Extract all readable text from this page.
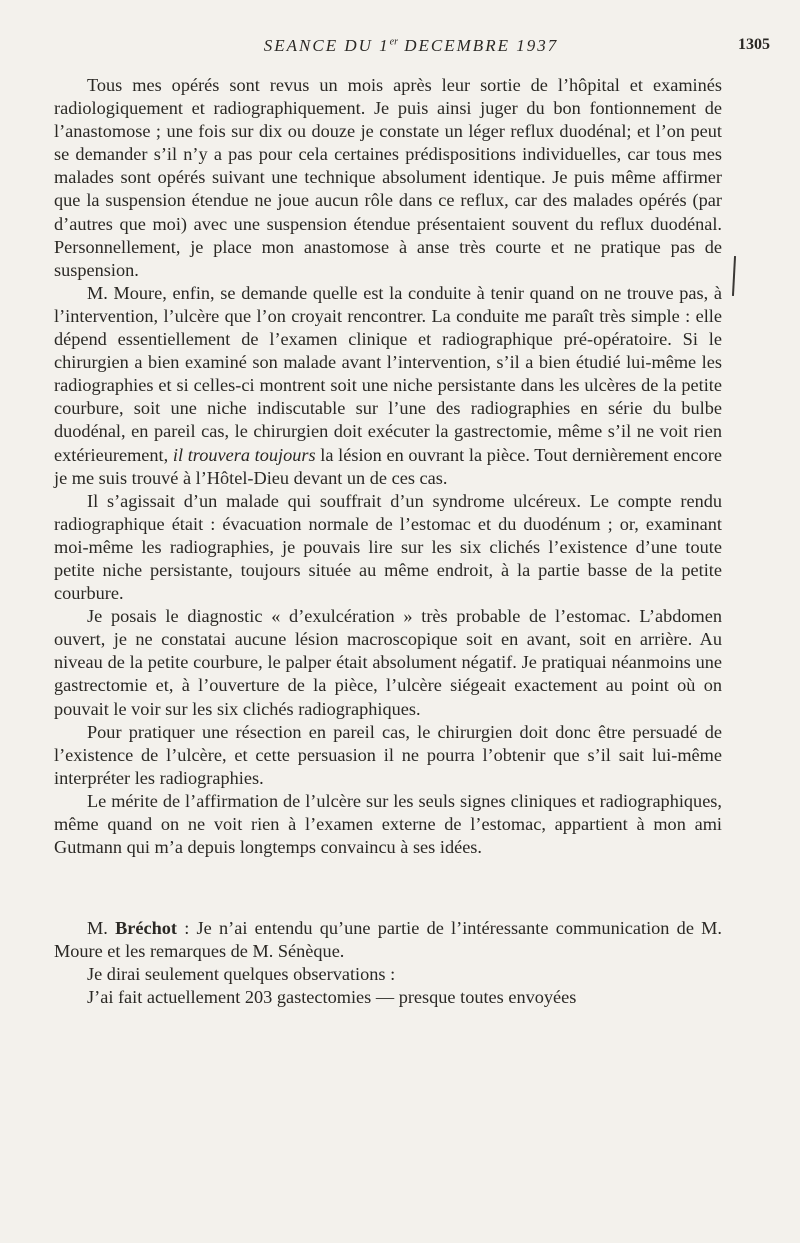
SEANCE DU 1er DECEMBRE 1937	1305

Tous mes opérés sont revus un mois après leur sortie de l’hôpital et examinés radiologiquement et radiographiquement. Je puis ainsi juger du bon fontionnement de l’anastomose ; une fois sur dix ou douze je constate un léger reflux duodénal; et l’on peut se demander s’il n’y a pas pour cela certaines prédispositions individuelles, car tous mes malades sont opérés suivant une technique absolument identique. Je puis même affirmer que la suspension étendue ne joue aucun rôle dans ce reflux, car des malades opérés (par d’autres que moi) avec une suspension étendue présentaient souvent du reflux duodénal. Personnellement, je place mon anastomose à anse très courte et ne pratique pas de suspension.

M. Moure, enfin, se demande quelle est la conduite à tenir quand on ne trouve pas, à l’intervention, l’ulcère que l’on croyait rencontrer. La conduite me paraît très simple : elle dépend essentiellement de l’examen clinique et radiographique pré-opératoire. Si le chirurgien a bien examiné son malade avant l’intervention, s’il a bien étudié lui-même les radiographies et si celles-ci montrent soit une niche persistante dans les ulcères de la petite courbure, soit une niche indiscutable sur l’une des radiographies en série du bulbe duodénal, en pareil cas, le chirurgien doit exécuter la gastrectomie, même s’il ne voit rien extérieurement, il trouvera toujours la lésion en ouvrant la pièce. Tout dernièrement encore je me suis trouvé à l’Hôtel-Dieu devant un de ces cas.

Il s’agissait d’un malade qui souffrait d’un syndrome ulcéreux. Le compte rendu radiographique était : évacuation normale de l’estomac et du duodénum ; or, examinant moi-même les radiographies, je pouvais lire sur les six clichés l’existence d’une toute petite niche persistante, toujours située au même endroit, à la partie basse de la petite courbure.

Je posais le diagnostic « d’exulcération » très probable de l’estomac. L’abdomen ouvert, je ne constatai aucune lésion macroscopique soit en avant, soit en arrière. Au niveau de la petite courbure, le palper était absolument négatif. Je pratiquai néanmoins une gastrectomie et, à l’ouverture de la pièce, l’ulcère siégeait exactement au point où on pouvait le voir sur les six clichés radiographiques.

Pour pratiquer une résection en pareil cas, le chirurgien doit donc être persuadé de l’existence de l’ulcère, et cette persuasion il ne pourra l’obtenir que s’il sait lui-même interpréter les radiographies.

Le mérite de l’affirmation de l’ulcère sur les seuls signes cliniques et radiographiques, même quand on ne voit rien à l’examen externe de l’estomac, appartient à mon ami Gutmann qui m’a depuis longtemps convaincu à ses idées.

M. Bréchot : Je n’ai entendu qu’une partie de l’intéressante communication de M. Moure et les remarques de M. Sénèque.

Je dirai seulement quelques observations :

J’ai fait actuellement 203 gastectomies — presque toutes envoyées
